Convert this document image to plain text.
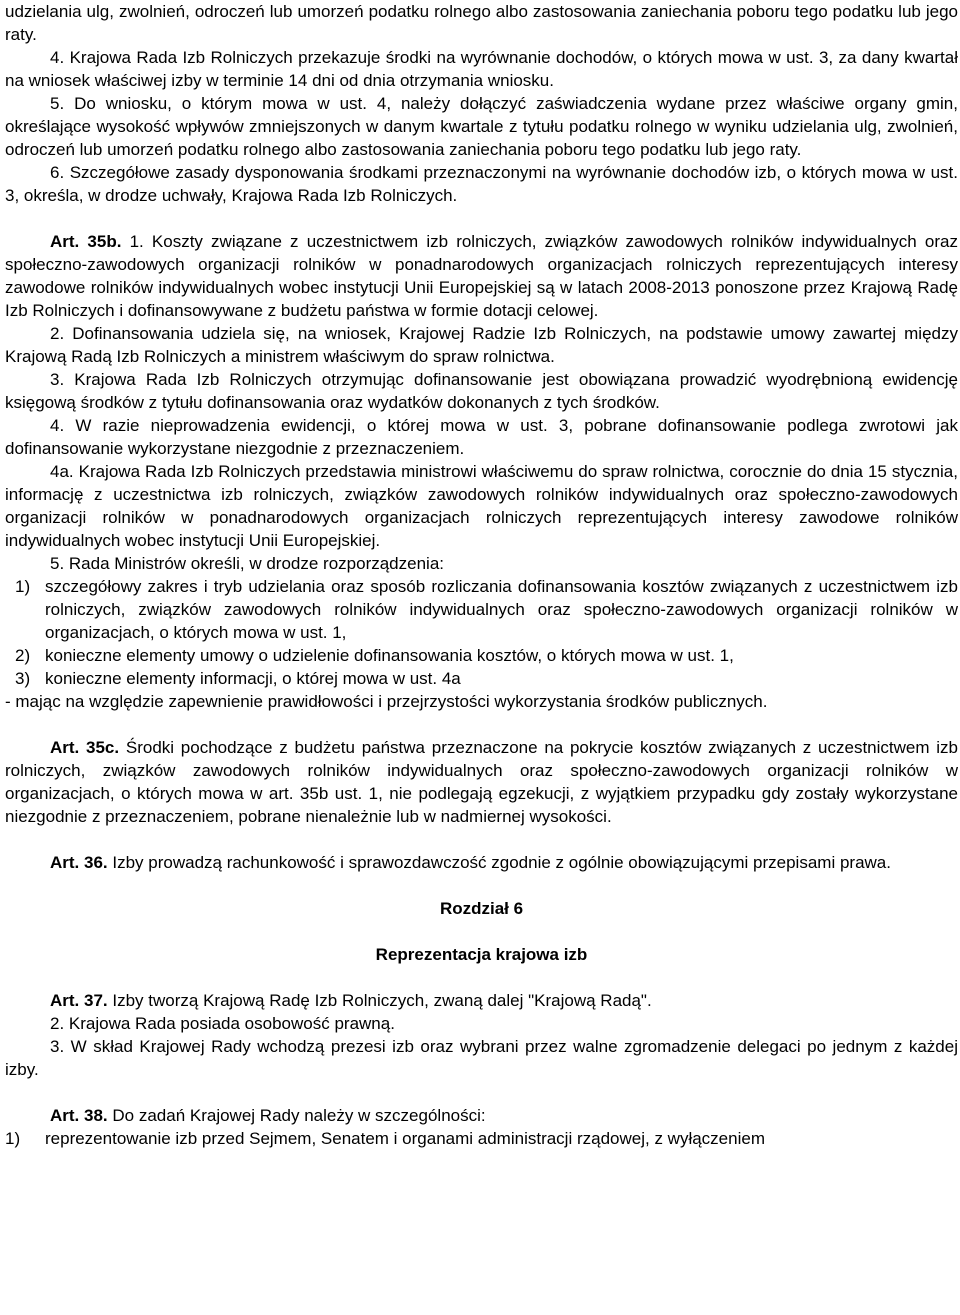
udzielania ulg, zwolnień, odroczeń lub umorzeń podatku rolnego albo zastosowania zaniechania poboru tego podatku lub jego raty.

4. Krajowa Rada Izb Rolniczych przekazuje środki na wyrównanie dochodów, o których mowa w ust. 3, za dany kwartał na wniosek właściwej izby w terminie 14 dni od dnia otrzymania wniosku.

5. Do wniosku, o którym mowa w ust. 4, należy dołączyć zaświadczenia wydane przez właściwe organy gmin, określające wysokość wpływów zmniejszonych w danym kwartale z tytułu podatku rolnego w wyniku udzielania ulg, zwolnień, odroczeń lub umorzeń podatku rolnego albo zastosowania zaniechania poboru tego podatku lub jego raty.

6. Szczegółowe zasady dysponowania środkami przeznaczonymi na wyrównanie dochodów izb, o których mowa w ust. 3, określa, w drodze uchwały, Krajowa Rada Izb Rolniczych.

Art. 35b. 1. Koszty związane z uczestnictwem izb rolniczych, związków zawodowych rolników indywidualnych oraz społeczno-zawodowych organizacji rolników w ponadnarodowych organizacjach rolniczych reprezentujących interesy zawodowe rolników indywidualnych wobec instytucji Unii Europejskiej są w latach 2008-2013 ponoszone przez Krajową Radę Izb Rolniczych i dofinansowywane z budżetu państwa w formie dotacji celowej.

2. Dofinansowania udziela się, na wniosek, Krajowej Radzie Izb Rolniczych, na podstawie umowy zawartej między Krajową Radą Izb Rolniczych a ministrem właściwym do spraw rolnictwa.

3. Krajowa Rada Izb Rolniczych otrzymując dofinansowanie jest obowiązana prowadzić wyodrębnioną ewidencję księgową środków z tytułu dofinansowania oraz wydatków dokonanych z tych środków.

4. W razie nieprowadzenia ewidencji, o której mowa w ust. 3, pobrane dofinansowanie podlega zwrotowi jak dofinansowanie wykorzystane niezgodnie z przeznaczeniem.

4a. Krajowa Rada Izb Rolniczych przedstawia ministrowi właściwemu do spraw rolnictwa, corocznie do dnia 15 stycznia, informację z uczestnictwa izb rolniczych, związków zawodowych rolników indywidualnych oraz społeczno-zawodowych organizacji rolników w ponadnarodowych organizacjach rolniczych reprezentujących interesy zawodowe rolników indywidualnych wobec instytucji Unii Europejskiej.

5. Rada Ministrów określi, w drodze rozporządzenia:

1) szczegółowy zakres i tryb udzielania oraz sposób rozliczania dofinansowania kosztów związanych z uczestnictwem izb rolniczych, związków zawodowych rolników indywidualnych oraz społeczno-zawodowych organizacji rolników w organizacjach, o których mowa w ust. 1,
2) konieczne elementy umowy o udzielenie dofinansowania kosztów, o których mowa w ust. 1,
3) konieczne elementy informacji, o której mowa w ust. 4a

- mając na względzie zapewnienie prawidłowości i przejrzystości wykorzystania środków publicznych.

Art. 35c. Środki pochodzące z budżetu państwa przeznaczone na pokrycie kosztów związanych z uczestnictwem izb rolniczych, związków zawodowych rolników indywidualnych oraz społeczno-zawodowych organizacji rolników w organizacjach, o których mowa w art. 35b ust. 1, nie podlegają egzekucji, z wyjątkiem przypadku gdy zostały wykorzystane niezgodnie z przeznaczeniem, pobrane nienależnie lub w nadmiernej wysokości.

Art. 36. Izby prowadzą rachunkowość i sprawozdawczość zgodnie z ogólnie obowiązującymi przepisami prawa.

Rozdział 6

Reprezentacja krajowa izb

Art. 37. Izby tworzą Krajową Radę Izb Rolniczych, zwaną dalej "Krajową Radą".

2. Krajowa Rada posiada osobowość prawną.

3. W skład Krajowej Rady wchodzą prezesi izb oraz wybrani przez walne zgromadzenie delegaci po jednym z każdej izby.

Art. 38. Do zadań Krajowej Rady należy w szczególności:

1)	reprezentowanie izb przed Sejmem, Senatem i organami administracji rządowej, z wyłączeniem
